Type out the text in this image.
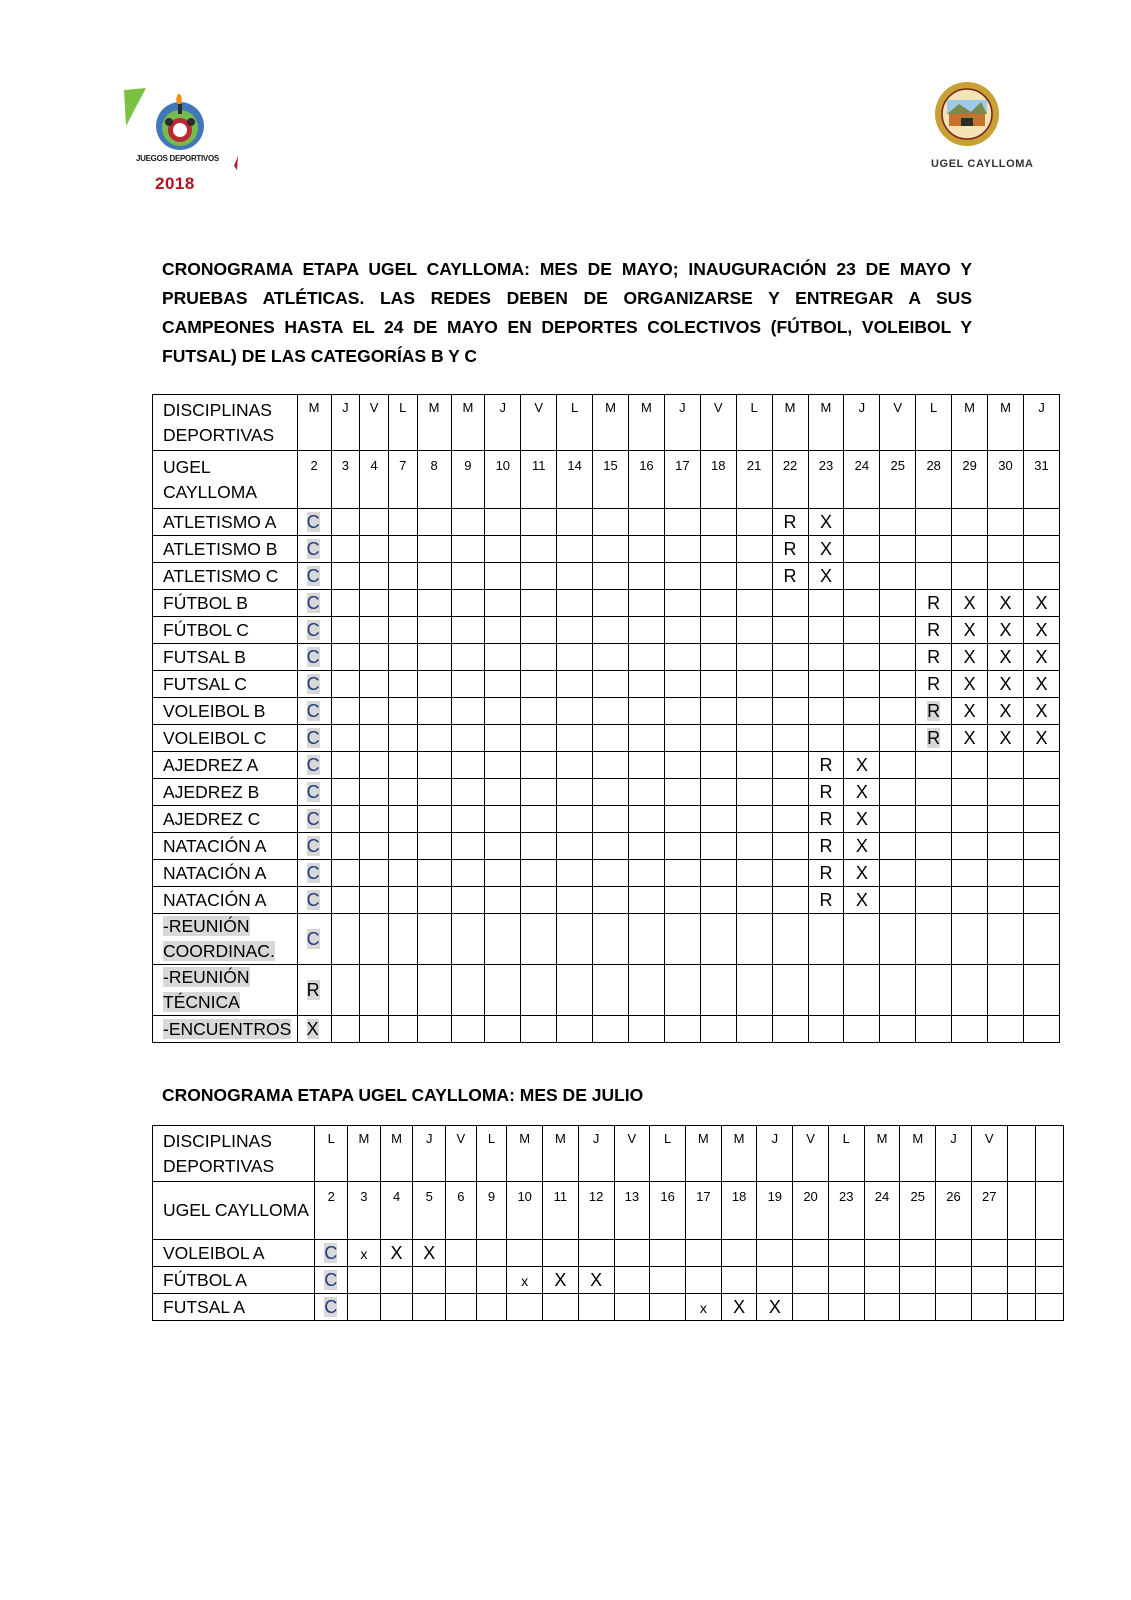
JUEGOS DEPORTIVOS
2018
UGEL CAYLLOMA
CRONOGRAMA ETAPA UGEL CAYLLOMA: MES DE MAYO; INAUGURACIÓN 23 DE MAYO Y PRUEBAS ATLÉTICAS. LAS REDES DEBEN DE ORGANIZARSE Y ENTREGAR A SUS CAMPEONES HASTA EL 24 DE MAYO EN DEPORTES COLECTIVOS (FÚTBOL, VOLEIBOL Y FUTSAL) DE LAS CATEGORÍAS B Y C
DISCIPLINAS DEPORTIVAS	M	J	V	L	M	M	J	V	L	M	M	J	V	L	M	M	J	V	L	M	M	J
UGEL CAYLLOMA	2	3	4	7	8	9	10	11	14	15	16	17	18	21	22	23	24	25	28	29	30	31
ATLETISMO A	C														R	X						
ATLETISMO B	C														R	X						
ATLETISMO C	C														R	X						
FÚTBOL B	C																		R	X	X	X
FÚTBOL C	C																		R	X	X	X
FUTSAL B	C																		R	X	X	X
FUTSAL C	C																		R	X	X	X
VOLEIBOL B	C																		R	X	X	X
VOLEIBOL C	C																		R	X	X	X
AJEDREZ A	C															R	X					
AJEDREZ B	C															R	X					
AJEDREZ C	C															R	X					
NATACIÓN A	C															R	X					
NATACIÓN A	C															R	X					
NATACIÓN A	C															R	X					
-REUNIÓN COORDINAC.	C																					
-REUNIÓN TÉCNICA	R																					
-ENCUENTROS	X																					
CRONOGRAMA ETAPA UGEL CAYLLOMA: MES DE JULIO
DISCIPLINAS DEPORTIVAS	L	M	M	J	V	L	M	M	J	V	L	M	M	J	V	L	M	M	J	V		
UGEL CAYLLOMA	2	3	4	5	6	9	10	11	12	13	16	17	18	19	20	23	24	25	26	27		
VOLEIBOL A	C	x	X	X																		
FÚTBOL A	C						x	X	X													
FUTSAL A	C											x	X	X								
